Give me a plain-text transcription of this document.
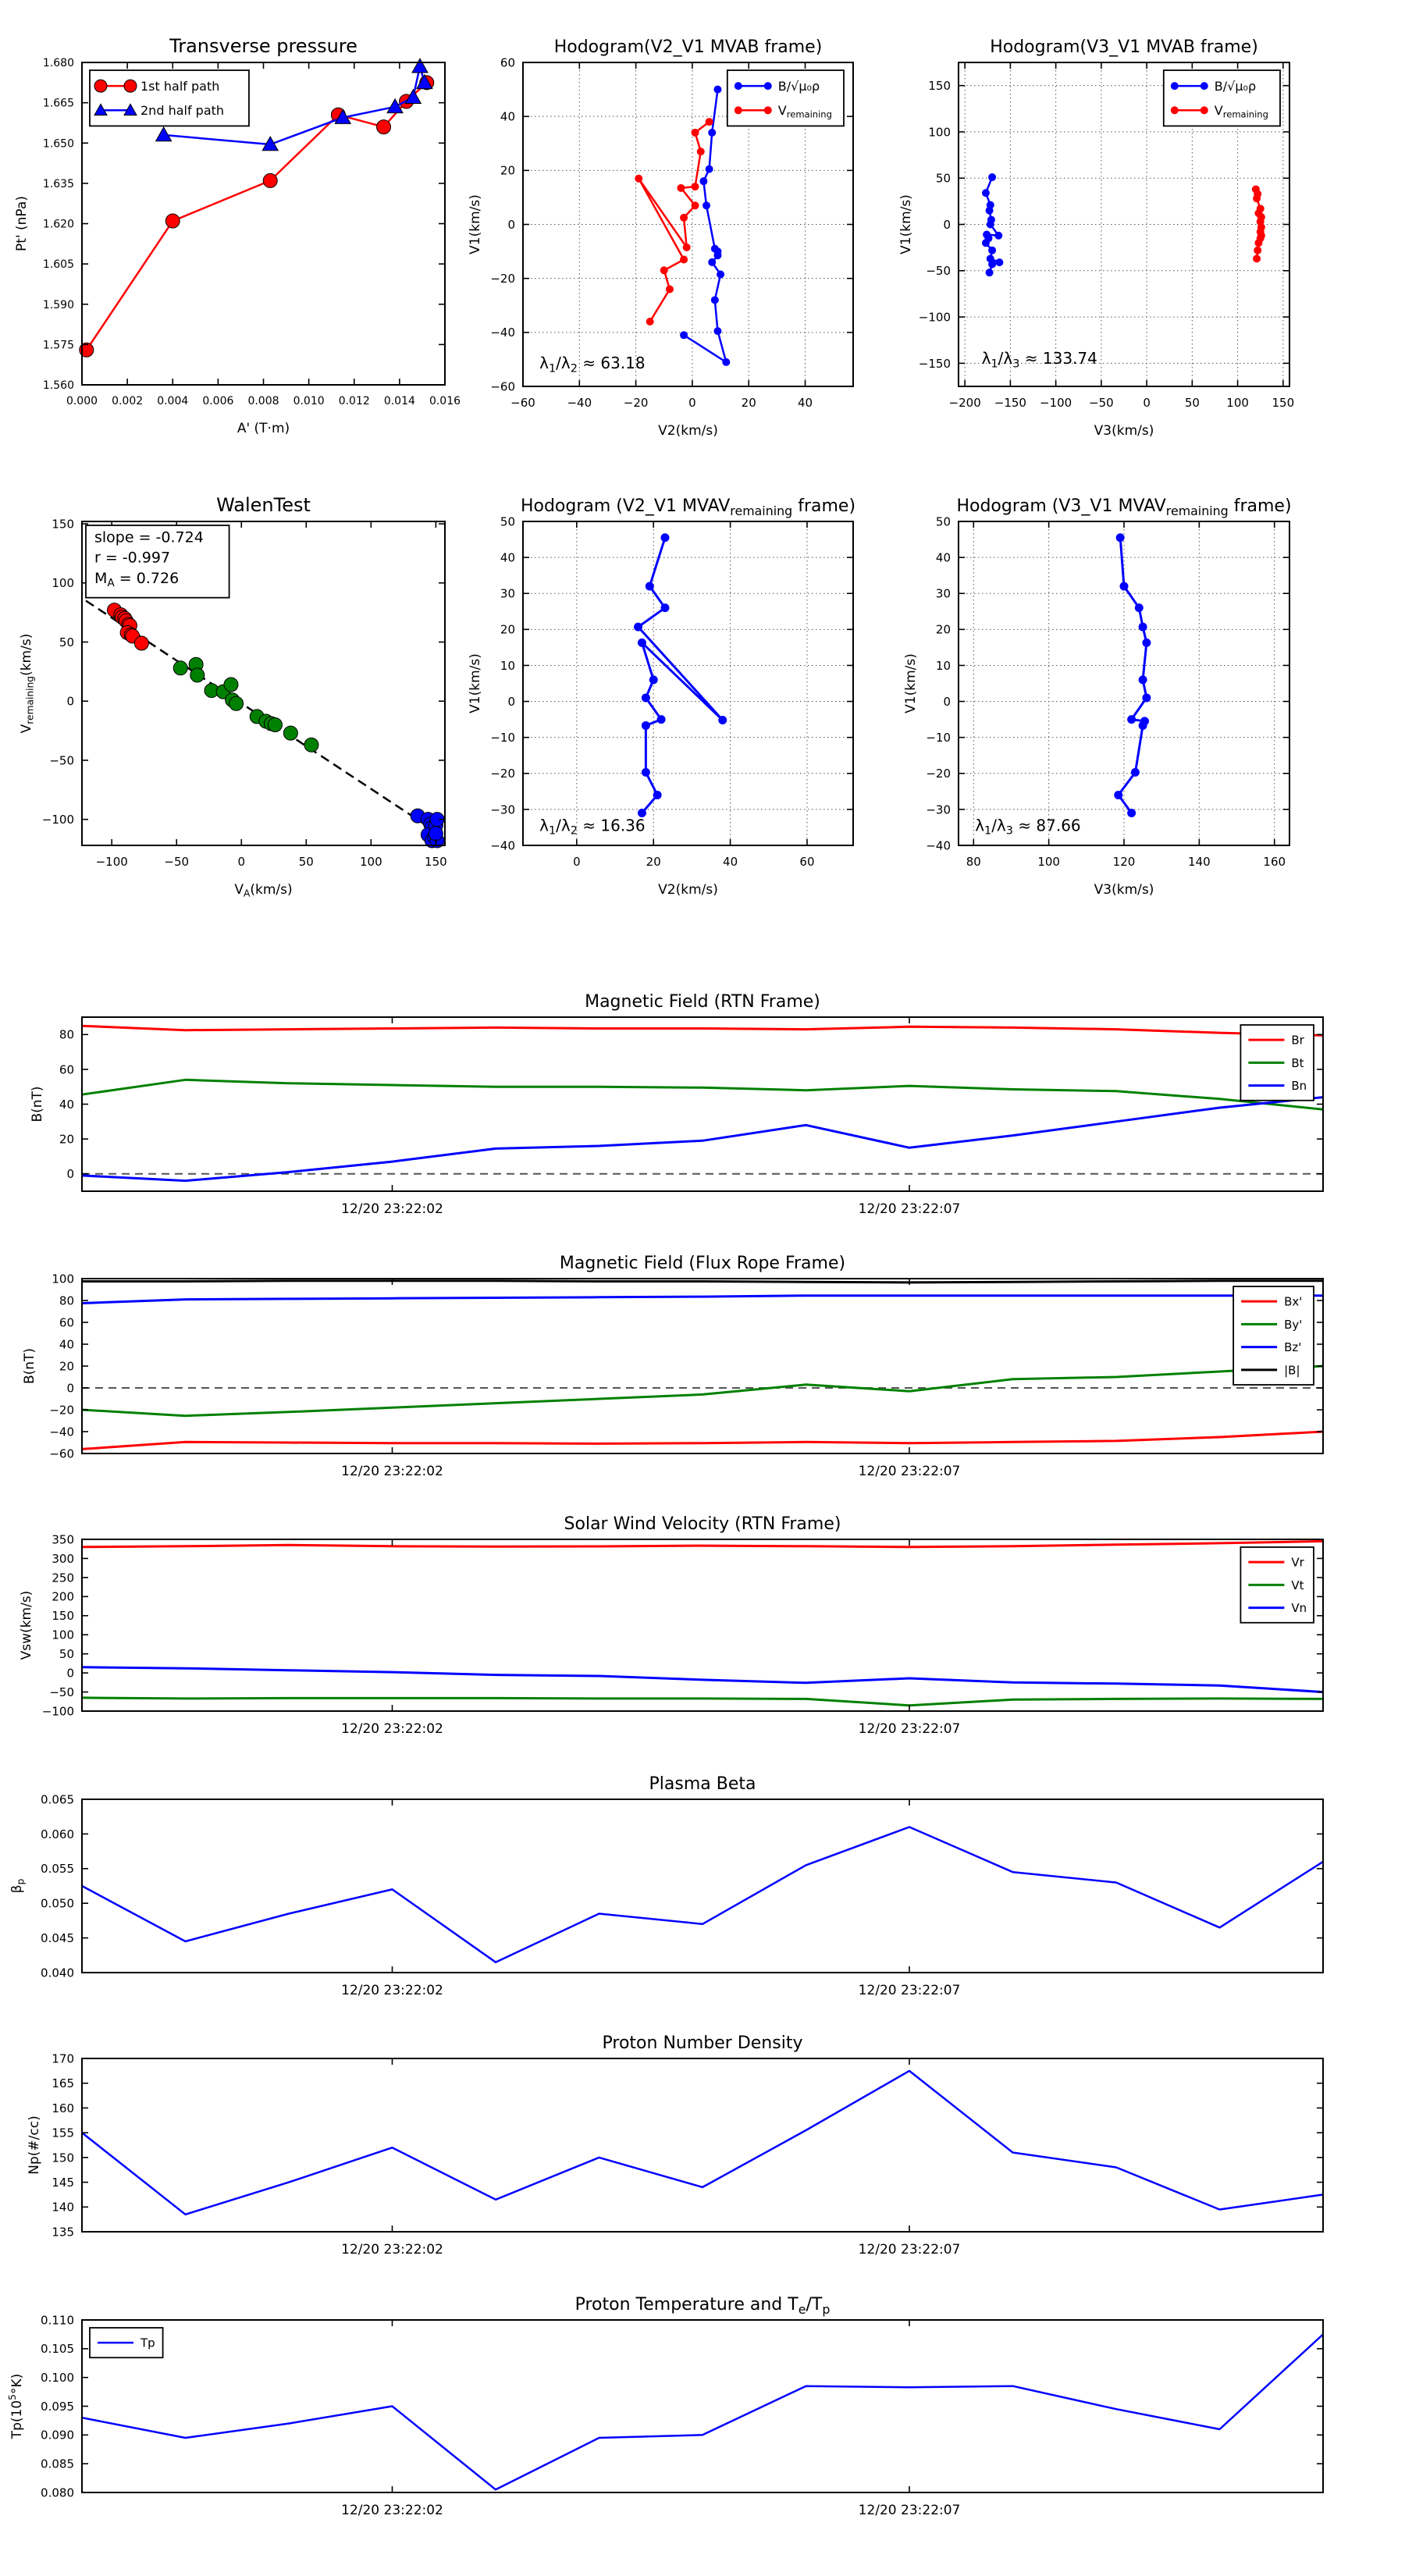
0.000 0.002 0.004 0.006 0.008 0.010 0.012 0.014 0.016
1.560
1.575
1.590
1.605
1.620
1.635
1.650
1.665
1.680
A' (T·m)
Pt' (nPa)
Transverse pressure
1st half path
2nd half path
−60	−40	−20	0	20	40
−60
−40
−20
0
20
40
60
V2(km/s)
V1(km/s)
Hodogram(V2_V1 MVAB frame)
B/√μ₀ρ
$V_{remaining}$
$\lambda_1/\lambda_2 \approx 63.18$
−200 −150 −100 −50	0	50 100 150
−150
−100
−50
0
50
100
150
V3(km/s)
V1(km/s)
Hodogram(V3_V1 MVAB frame)
B/√μ₀ρ
$V_{remaining}$
$\lambda_1/\lambda_3 \approx 133.74$
−100	−50	0	50	100	150
−100
−50
0
50
100
150
$V_A(km/s)$
$V_{remaining}(km/s)$
WalenTest
slope = -0.724
r = -0.997
$M_A = 0.726$
0	20	40	60
−40
−30
−20
−10
0
10
20
30
40
50
V2(km/s)
V1(km/s)
Hodogram (V2_V1 $MVAV_{remaining}$ frame)
$\lambda_1/\lambda_2 \approx 16.36$
80	100	120	140	160
−40
−30
−20
−10
0
10
20
30
40
50
V3(km/s)
V1(km/s)
Hodogram (V3_V1 $MVAV_{remaining}$ frame)
$\lambda_1/\lambda_3 \approx 87.66$
12/20 23:22:02	12/20 23:22:07
0
20
40
60
80
B(nT)
Magnetic Field (RTN Frame)
Br
Bt
Bn
12/20 23:22:02	12/20 23:22:07
−60
−40
−20
0
20
40
60
80
100
B(nT)
Magnetic Field (Flux Rope Frame)
Bx'
By'
Bz'
|B|
12/20 23:22:02	12/20 23:22:07
−100
−50
0
50
100
150
200
250
300
350
Vsw(km/s)
Solar Wind Velocity (RTN Frame)
Vr
Vt
Vn
12/20 23:22:02	12/20 23:22:07
0.040
0.045
0.050
0.055
0.060
0.065
$\beta_p$
Plasma Beta
12/20 23:22:02	12/20 23:22:07
135
140
145
150
155
160
165
170
Np(#/cc)
Proton Number Density
12/20 23:22:02	12/20 23:22:07
0.080
0.085
0.090
0.095
0.100
0.105
0.110
$Tp(10^5^\circ K)$
Proton Temperature and $T_e/T_p$
Tp
